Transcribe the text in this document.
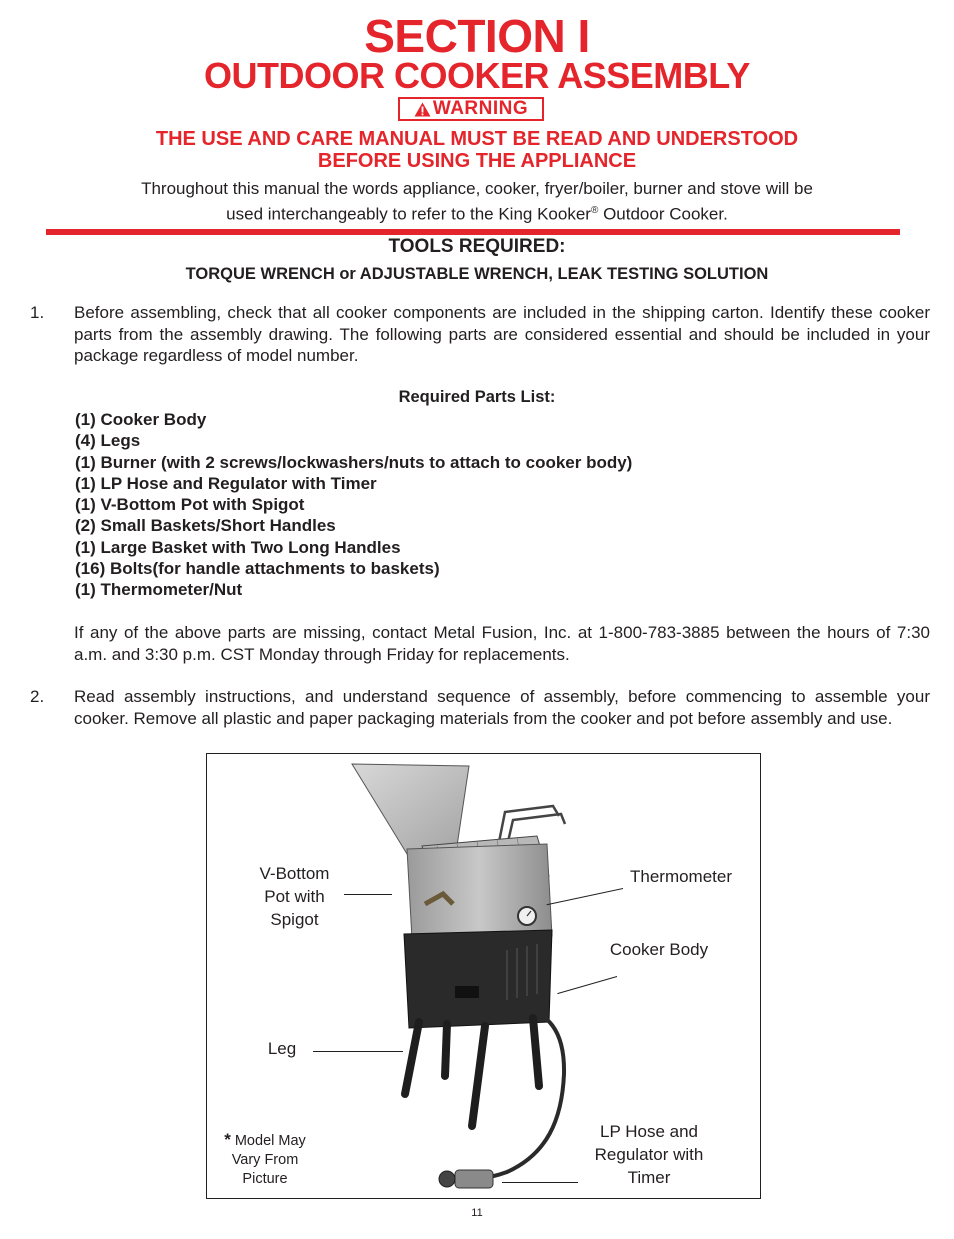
SECTION I
OUTDOOR COOKER ASSEMBLY
WARNING
THE USE AND CARE MANUAL MUST BE READ AND UNDERSTOOD
BEFORE USING THE APPLIANCE
Throughout this manual the words appliance, cooker, fryer/boiler, burner and stove will be
used interchangeably to refer to the King Kooker® Outdoor Cooker.
TOOLS REQUIRED:
TORQUE WRENCH or ADJUSTABLE WRENCH, LEAK TESTING SOLUTION
1. Before assembling, check that all cooker components are included in the shipping carton. Identify these cooker parts from the assembly drawing. The following parts are considered essential and should be included in your package regardless of model number.
Required Parts List:
(1) Cooker Body
(4) Legs
(1) Burner (with 2 screws/lockwashers/nuts to attach to cooker body)
(1) LP Hose and Regulator with Timer
(1) V-Bottom Pot with Spigot
(2) Small Baskets/Short Handles
(1) Large Basket with Two Long Handles
(16) Bolts(for handle attachments to baskets)
(1) Thermometer/Nut
If any of the above parts are missing, contact Metal Fusion, Inc. at 1-800-783-3885 between the hours of 7:30 a.m. and 3:30 p.m. CST Monday through Friday for replacements.
2. Read assembly instructions, and understand sequence of assembly, before commencing to assemble your cooker. Remove all plastic and paper packaging materials from the cooker and pot before assembly and use.
V-Bottom
Pot with
Spigot
Thermometer
Cooker Body
Leg
LP Hose and
Regulator with
Timer
* Model May
Vary From
Picture
11
